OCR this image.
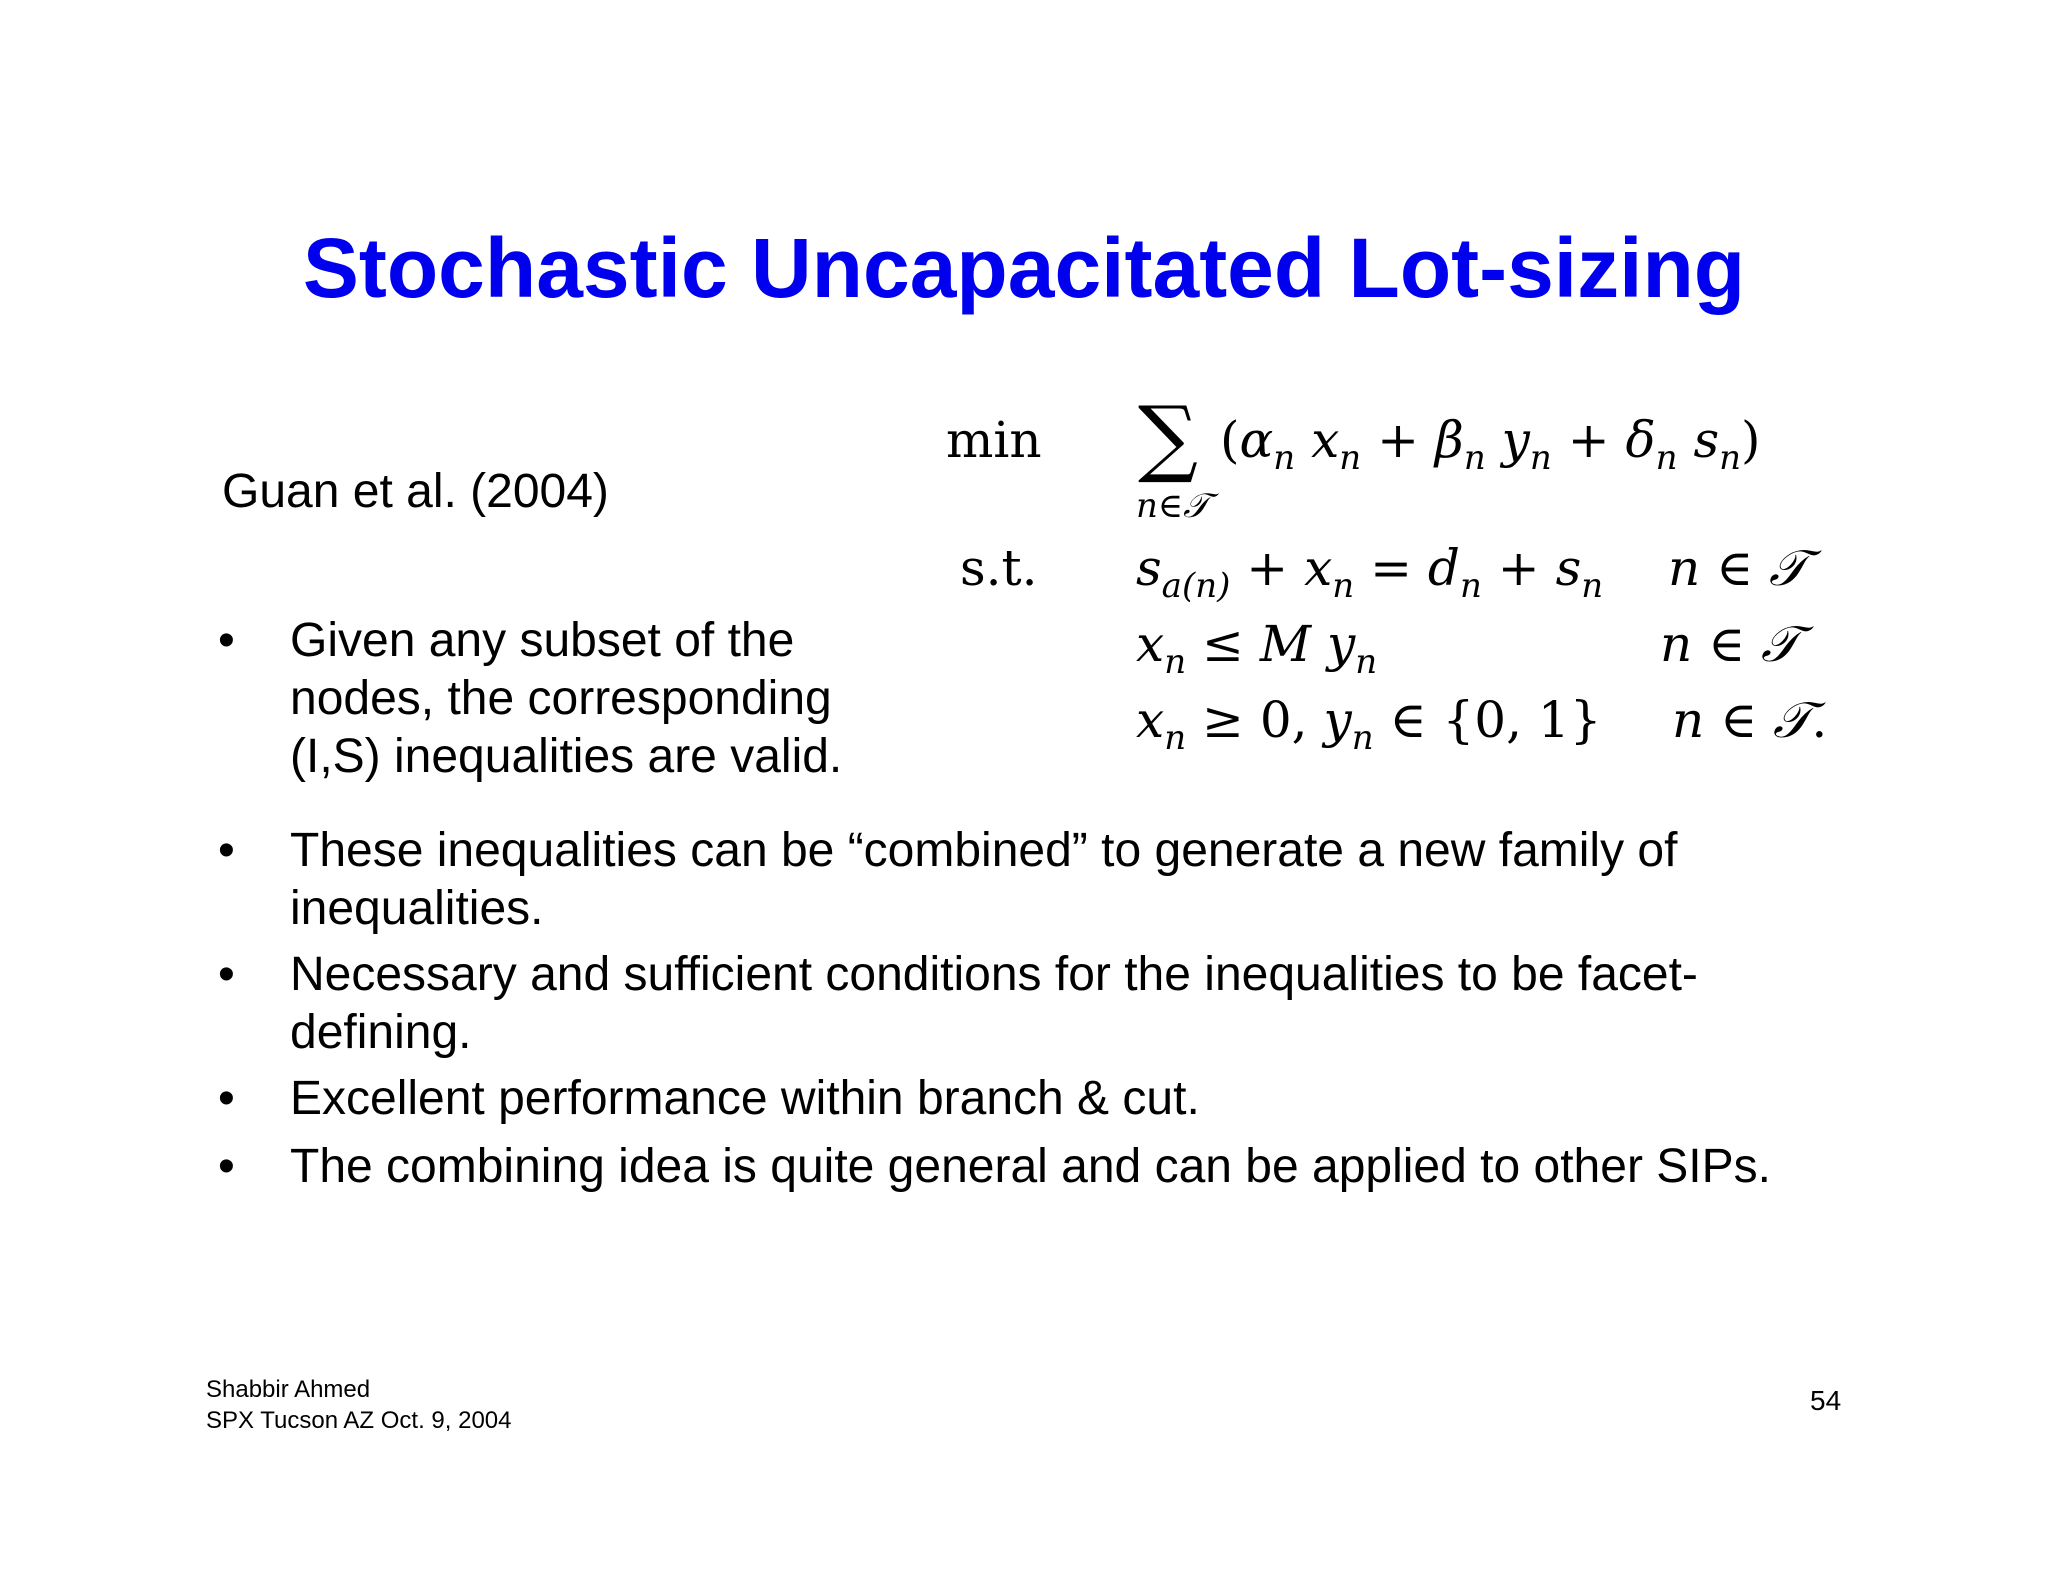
Stochastic Uncapacitated Lot-sizing
Guan et al. (2004)
min
s.t.
∑ ($\alpha_n$ $x_n + \beta_n$ $y_n + \delta_n$ $s_n$)
n∈𝒯
$s_{a(n)} + x_n = d_n + s_n$
$x_n \le M$ $y_n$
$x_n \ge 0$, $y_n$ ∈ {0, 1}
n ∈ �
n ∈ �
n ∈ �.
• Given any subset of the
nodes, the corresponding
(I,S) inequalities are valid.
• These inequalities can be “combined” to generate a new family of
inequalities.
• Necessary and sufficient conditions for the inequalities to be facet-
defining.
• Excellent performance within branch & cut.
• The combining idea is quite general and can be applied to other SIPs.
Shabbir Ahmed
SPX Tucson AZ Oct. 9, 2004
54
